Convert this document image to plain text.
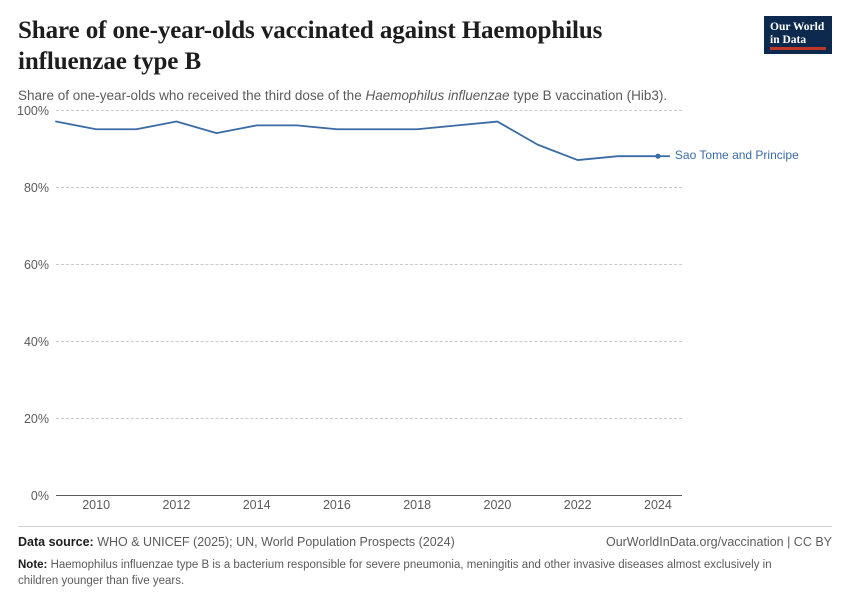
Share of one-year-olds vaccinated against Haemophilus influenzae type B

Share of one-year-olds who received the third dose of the Haemophilus influenzae type B vaccination (Hib3).

Our World
in Data
0%
20%
40%
60%
80%
100%
Sao Tome and Principe
2010	2012	2014	2016	2018	2020	2022	2024
Data source: WHO & UNICEF (2025); UN, World Population Prospects (2024)	OurWorldInData.org/vaccination | CC BY
Note: Haemophilus influenzae type B is a bacterium responsible for severe pneumonia, meningitis and other invasive diseases almost exclusively in children younger than five years.
